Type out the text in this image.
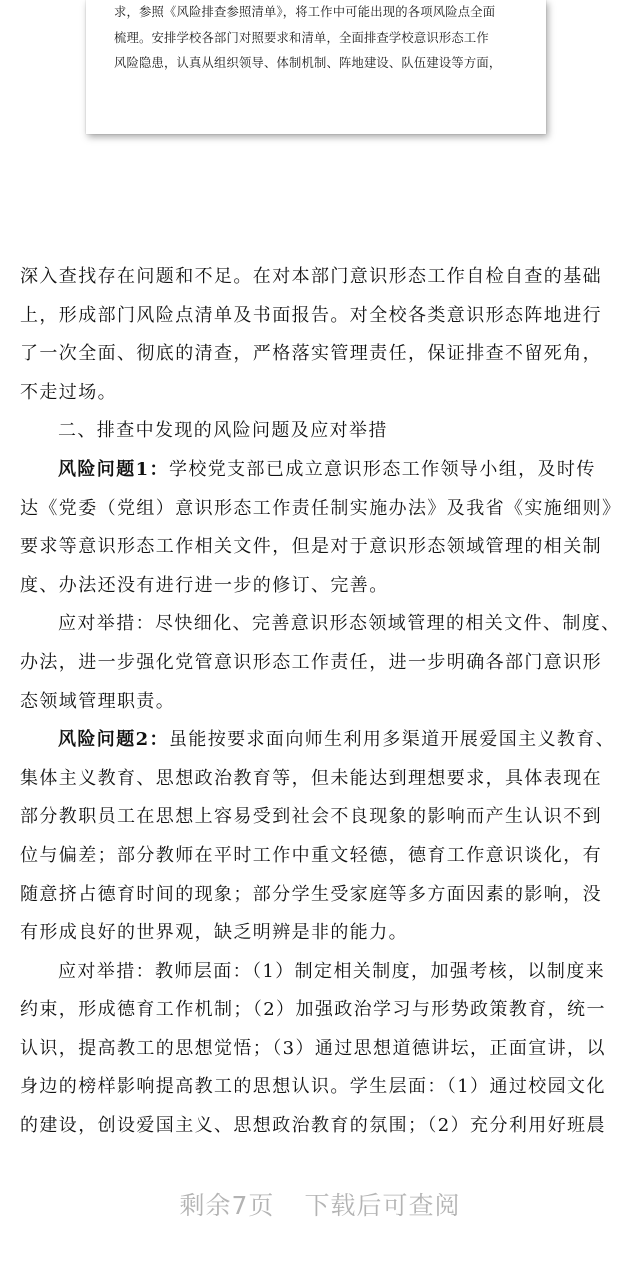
求，参照《风险排查参照清单》，将工作中可能出现的各项风险点全面

梳理。安排学校各部门对照要求和清单，全面排查学校意识形态工作

风险隐患，认真从组织领导、体制机制、阵地建设、队伍建设等方面，

深入查找存在问题和不足。在对本部门意识形态工作自检自查的基础

上，形成部门风险点清单及书面报告。对全校各类意识形态阵地进行

了一次全面、彻底的清查，严格落实管理责任，保证排查不留死角，

不走过场。

二、排查中发现的风险问题及应对举措

风险问题1：学校党支部已成立意识形态工作领导小组，及时传

达《党委（党组）意识形态工作责任制实施办法》及我省《实施细则》

要求等意识形态工作相关文件，但是对于意识形态领域管理的相关制

度、办法还没有进行进一步的修订、完善。

应对举措：尽快细化、完善意识形态领域管理的相关文件、制度、

办法，进一步强化党管意识形态工作责任，进一步明确各部门意识形

态领域管理职责。

风险问题2：虽能按要求面向师生利用多渠道开展爱国主义教育、

集体主义教育、思想政治教育等，但未能达到理想要求，具体表现在

部分教职员工在思想上容易受到社会不良现象的影响而产生认识不到

位与偏差；部分教师在平时工作中重文轻德，德育工作意识谈化，有

随意挤占德育时间的现象；部分学生受家庭等多方面因素的影响，没

有形成良好的世界观，缺乏明辨是非的能力。

应对举措：教师层面：（1）制定相关制度，加强考核，以制度来

约束，形成德育工作机制；（2）加强政治学习与形势政策教育，统一

认识，提高教工的思想觉悟；（3）通过思想道德讲坛，正面宣讲，以

身边的榜样影响提高教工的思想认识。学生层面：（1）通过校园文化

的建设，创设爱国主义、思想政治教育的氛围；（2）充分利用好班晨

剩余7页 下载后可查阅
